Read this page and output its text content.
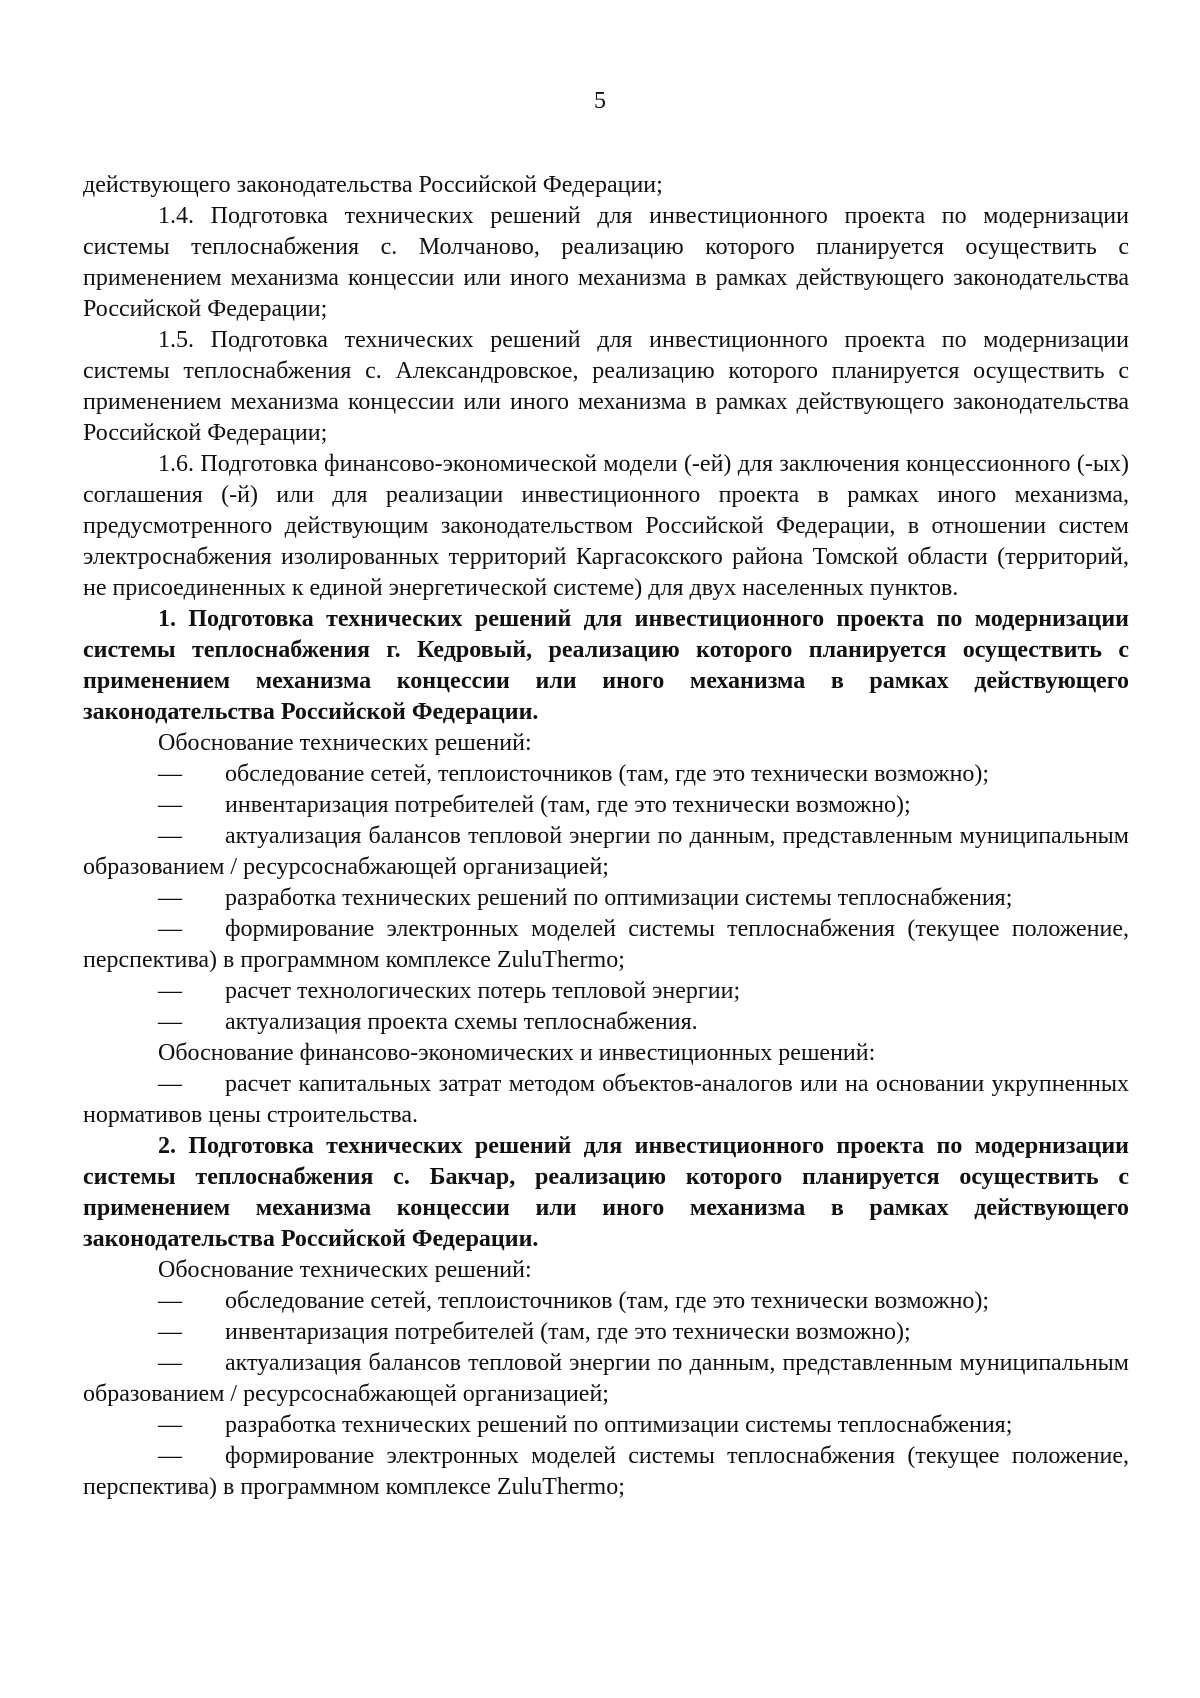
5

действующего законодательства Российской Федерации;

1.4. Подготовка технических решений для инвестиционного проекта по модернизации системы теплоснабжения с. Молчаново, реализацию которого планируется осуществить с применением механизма концессии или иного механизма в рамках действующего законодательства Российской Федерации;

1.5. Подготовка технических решений для инвестиционного проекта по модернизации системы теплоснабжения с. Александровское, реализацию которого планируется осуществить с применением механизма концессии или иного механизма в рамках действующего законодательства Российской Федерации;

1.6. Подготовка финансово-экономической модели (-ей) для заключения концессионного (-ых) соглашения (-й) или для реализации инвестиционного проекта в рамках иного механизма, предусмотренного действующим законодательством Российской Федерации, в отношении систем электроснабжения изолированных территорий Каргасокского района Томской области (территорий, не присоединенных к единой энергетической системе) для двух населенных пунктов.

1. Подготовка технических решений для инвестиционного проекта по модернизации системы теплоснабжения г. Кедровый, реализацию которого планируется осуществить с применением механизма концессии или иного механизма в рамках действующего законодательства Российской Федерации.

Обоснование технических решений:

— обследование сетей, теплоисточников (там, где это технически возможно);

— инвентаризация потребителей (там, где это технически возможно);

— актуализация балансов тепловой энергии по данным, представленным муниципальным образованием / ресурсоснабжающей организацией;

— разработка технических решений по оптимизации системы теплоснабжения;

— формирование электронных моделей системы теплоснабжения (текущее положение, перспектива) в программном комплексе ZuluThermo;

— расчет технологических потерь тепловой энергии;

— актуализация проекта схемы теплоснабжения.

Обоснование финансово-экономических и инвестиционных решений:

— расчет капитальных затрат методом объектов-аналогов или на основании укрупненных нормативов цены строительства.

2. Подготовка технических решений для инвестиционного проекта по модернизации системы теплоснабжения с. Бакчар, реализацию которого планируется осуществить с применением механизма концессии или иного механизма в рамках действующего законодательства Российской Федерации.

Обоснование технических решений:

— обследование сетей, теплоисточников (там, где это технически возможно);

— инвентаризация потребителей (там, где это технически возможно);

— актуализация балансов тепловой энергии по данным, представленным муниципальным образованием / ресурсоснабжающей организацией;

— разработка технических решений по оптимизации системы теплоснабжения;

— формирование электронных моделей системы теплоснабжения (текущее положение, перспектива) в программном комплексе ZuluThermo;
